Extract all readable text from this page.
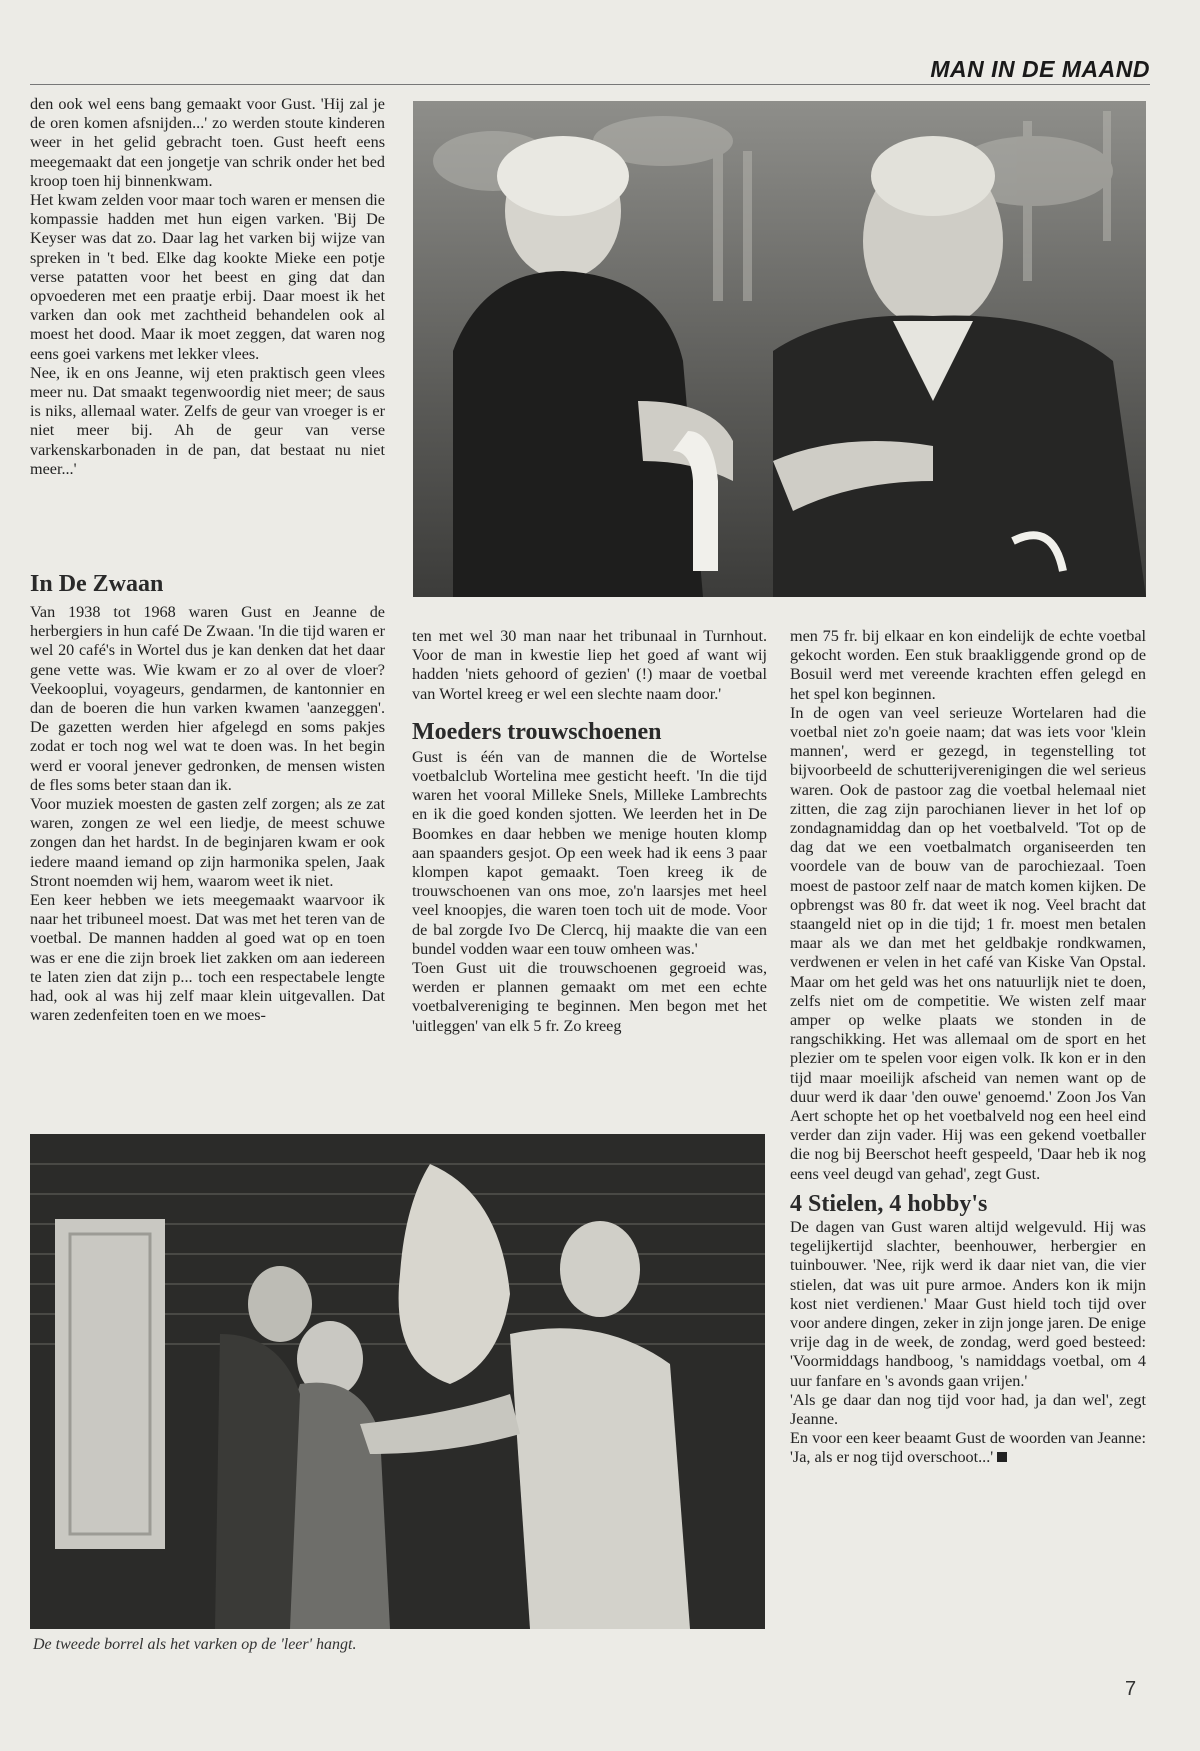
MAN IN DE MAAND

den ook wel eens bang gemaakt voor Gust. 'Hij zal je de oren komen afsnijden...' zo werden stoute kinderen weer in het gelid gebracht toen. Gust heeft eens meegemaakt dat een jongetje van schrik onder het bed kroop toen hij binnenkwam.

Het kwam zelden voor maar toch waren er mensen die kompassie hadden met hun eigen varken. 'Bij De Keyser was dat zo. Daar lag het varken bij wijze van spreken in 't bed. Elke dag kookte Mieke een potje verse patatten voor het beest en ging dat dan opvoederen met een praatje erbij. Daar moest ik het varken dan ook met zachtheid behandelen ook al moest het dood. Maar ik moet zeggen, dat waren nog eens goei varkens met lekker vlees.

Nee, ik en ons Jeanne, wij eten praktisch geen vlees meer nu. Dat smaakt tegenwoordig niet meer; de saus is niks, allemaal water. Zelfs de geur van vroeger is er niet meer bij. Ah de geur van verse varkenskarbonaden in de pan, dat bestaat nu niet meer...'

In De Zwaan

Van 1938 tot 1968 waren Gust en Jeanne de herbergiers in hun café De Zwaan. 'In die tijd waren er wel 20 café's in Wortel dus je kan denken dat het daar gene vette was. Wie kwam er zo al over de vloer? Veekooplui, voyageurs, gendarmen, de kantonnier en dan de boeren die hun varken kwamen 'aanzeggen'. De gazetten werden hier afgelegd en soms pakjes zodat er toch nog wel wat te doen was. In het begin werd er vooral jenever gedronken, de mensen wisten de fles soms beter staan dan ik.

Voor muziek moesten de gasten zelf zorgen; als ze zat waren, zongen ze wel een liedje, de meest schuwe zongen dan het hardst. In de beginjaren kwam er ook iedere maand iemand op zijn harmonika spelen, Jaak Stront noemden wij hem, waarom weet ik niet.

Een keer hebben we iets meegemaakt waarvoor ik naar het tribuneel moest. Dat was met het teren van de voetbal. De mannen hadden al goed wat op en toen was er ene die zijn broek liet zakken om aan iedereen te laten zien dat zijn p... toch een respectabele lengte had, ook al was hij zelf maar klein uitgevallen. Dat waren zedenfeiten toen en we moes-

ten met wel 30 man naar het tribunaal in Turnhout. Voor de man in kwestie liep het goed af want wij hadden 'niets gehoord of gezien' (!) maar de voetbal van Wortel kreeg er wel een slechte naam door.'

Moeders trouwschoenen

Gust is één van de mannen die de Wortelse voetbalclub Wortelina mee gesticht heeft. 'In die tijd waren het vooral Milleke Snels, Milleke Lambrechts en ik die goed konden sjotten. We leerden het in De Boomkes en daar hebben we menige houten klomp aan spaanders gesjot. Op een week had ik eens 3 paar klompen kapot gemaakt. Toen kreeg ik de trouwschoenen van ons moe, zo'n laarsjes met heel veel knoopjes, die waren toen toch uit de mode. Voor de bal zorgde Ivo De Clercq, hij maakte die van een bundel vodden waar een touw omheen was.'

Toen Gust uit die trouwschoenen gegroeid was, werden er plannen gemaakt om met een echte voetbalvereniging te beginnen. Men begon met het 'uitleggen' van elk 5 fr. Zo kreeg

men 75 fr. bij elkaar en kon eindelijk de echte voetbal gekocht worden. Een stuk braakliggende grond op de Bosuil werd met vereende krachten effen gelegd en het spel kon beginnen.

In de ogen van veel serieuze Wortelaren had die voetbal niet zo'n goeie naam; dat was iets voor 'klein mannen', werd er gezegd, in tegenstelling tot bijvoorbeeld de schutterijverenigingen die wel serieus waren. Ook de pastoor zag die voetbal helemaal niet zitten, die zag zijn parochianen liever in het lof op zondagnamiddag dan op het voetbalveld. 'Tot op de dag dat we een voetbalmatch organiseerden ten voordele van de bouw van de parochiezaal. Toen moest de pastoor zelf naar de match komen kijken. De opbrengst was 80 fr. dat weet ik nog. Veel bracht dat staangeld niet op in die tijd; 1 fr. moest men betalen maar als we dan met het geldbakje rondkwamen, verdwenen er velen in het café van Kiske Van Opstal. Maar om het geld was het ons natuurlijk niet te doen, zelfs niet om de competitie. We wisten zelf maar amper op welke plaats we stonden in de rangschikking. Het was allemaal om de sport en het plezier om te spelen voor eigen volk. Ik kon er in den tijd maar moeilijk afscheid van nemen want op de duur werd ik daar 'den ouwe' genoemd.' Zoon Jos Van Aert schopte het op het voetbalveld nog een heel eind verder dan zijn vader. Hij was een gekend voetballer die nog bij Beerschot heeft gespeeld, 'Daar heb ik nog eens veel deugd van gehad', zegt Gust.

4 Stielen, 4 hobby's

De dagen van Gust waren altijd welgevuld. Hij was tegelijkertijd slachter, beenhouwer, herbergier en tuinbouwer. 'Nee, rijk werd ik daar niet van, die vier stielen, dat was uit pure armoe. Anders kon ik mijn kost niet verdienen.' Maar Gust hield toch tijd over voor andere dingen, zeker in zijn jonge jaren. De enige vrije dag in de week, de zondag, werd goed besteed: 'Voormiddags handboog, 's namiddags voetbal, om 4 uur fanfare en 's avonds gaan vrijen.'

'Als ge daar dan nog tijd voor had, ja dan wel', zegt Jeanne.

En voor een keer beaamt Gust de woorden van Jeanne: 'Ja, als er nog tijd overschoot...'

De tweede borrel als het varken op de 'leer' hangt.
7
